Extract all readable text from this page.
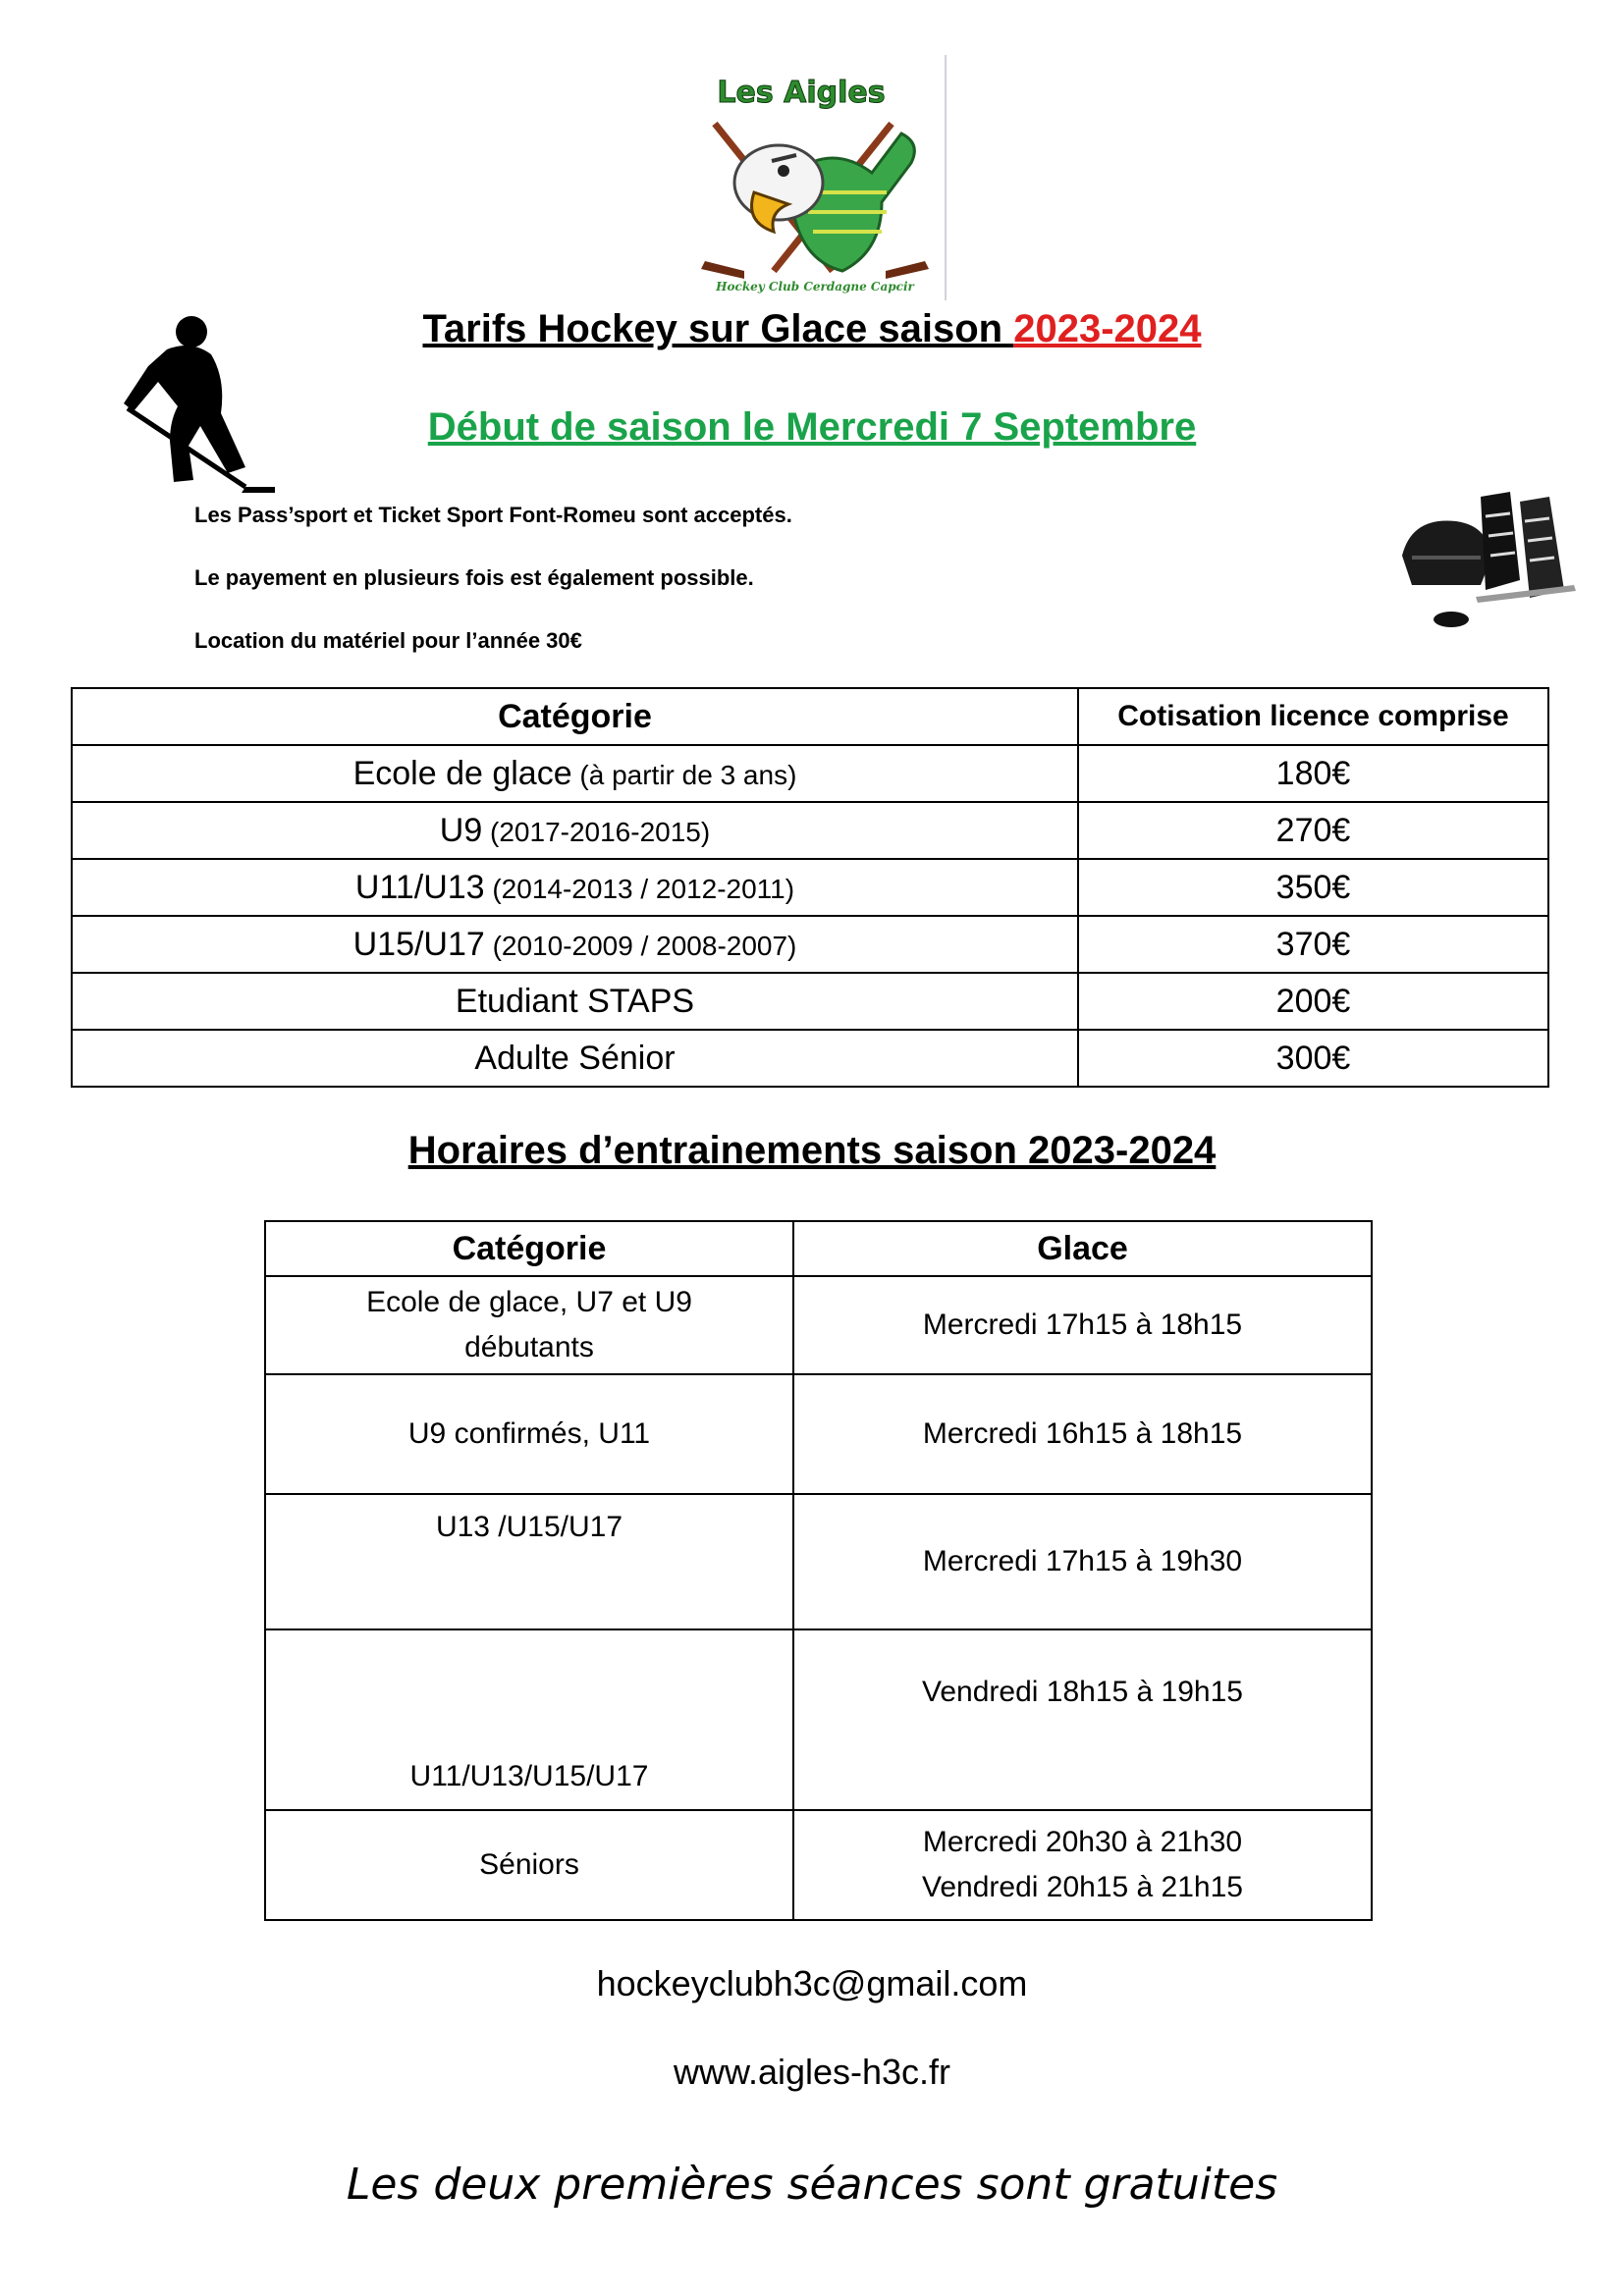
Les Aigles
Hockey Club Cerdagne Capcir
Tarifs Hockey sur Glace saison 2023-2024
Début de saison le Mercredi 7 Septembre
Les Pass’sport et Ticket Sport Font-Romeu sont acceptés.
Le payement en plusieurs fois est également possible.
Location du matériel pour l’année 30€
Catégorie	Cotisation licence comprise
Ecole de glace (à partir de 3 ans)	180€
U9 (2017-2016-2015)	270€
U11/U13 (2014-2013 / 2012-2011)	350€
U15/U17 (2010-2009 / 2008-2007)	370€
Etudiant STAPS	200€
Adulte Sénior	300€
Horaires d’entrainements saison 2023-2024
Catégorie	Glace

Ecole de glace, U7 et U9
débutants	Mercredi 17h15 à 18h15

U9 confirmés, U11	Mercredi 16h15 à 18h15

U13 /U15/U17	Mercredi 17h15 à 19h30

U11/U13/U15/U17	Vendredi 18h15 à 19h15

Séniors	Mercredi 20h30 à 21h30
Vendredi 20h15 à 21h15
hockeyclubh3c@gmail.com
www.aigles-h3c.fr
Les deux premières séances sont gratuites
